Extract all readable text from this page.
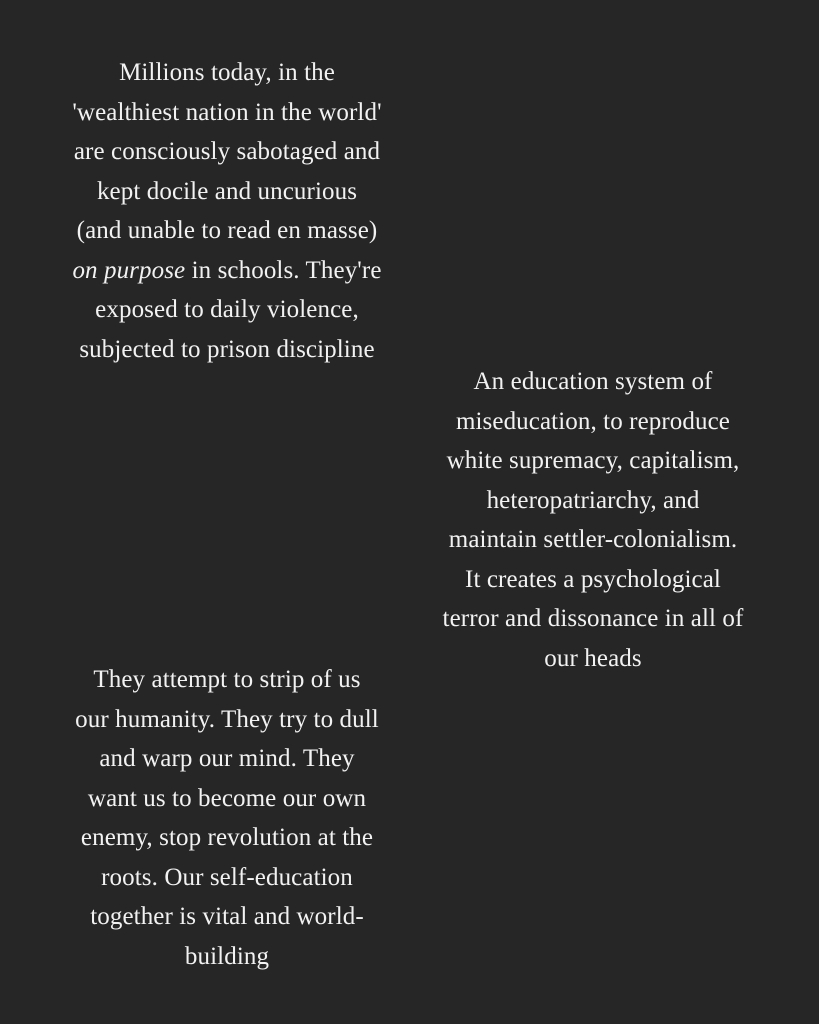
Millions today, in the
'wealthiest nation in the world'
are consciously sabotaged and
kept docile and uncurious
(and unable to read en masse)
on purpose in schools. They're
exposed to daily violence,
subjected to prison discipline
An education system of
miseducation, to reproduce
white supremacy, capitalism,
heteropatriarchy, and
maintain settler-colonialism.
It creates a psychological
terror and dissonance in all of
our heads
They attempt to strip of us
our humanity. They try to dull
and warp our mind. They
want us to become our own
enemy, stop revolution at the
roots. Our self-education
together is vital and world-
building
